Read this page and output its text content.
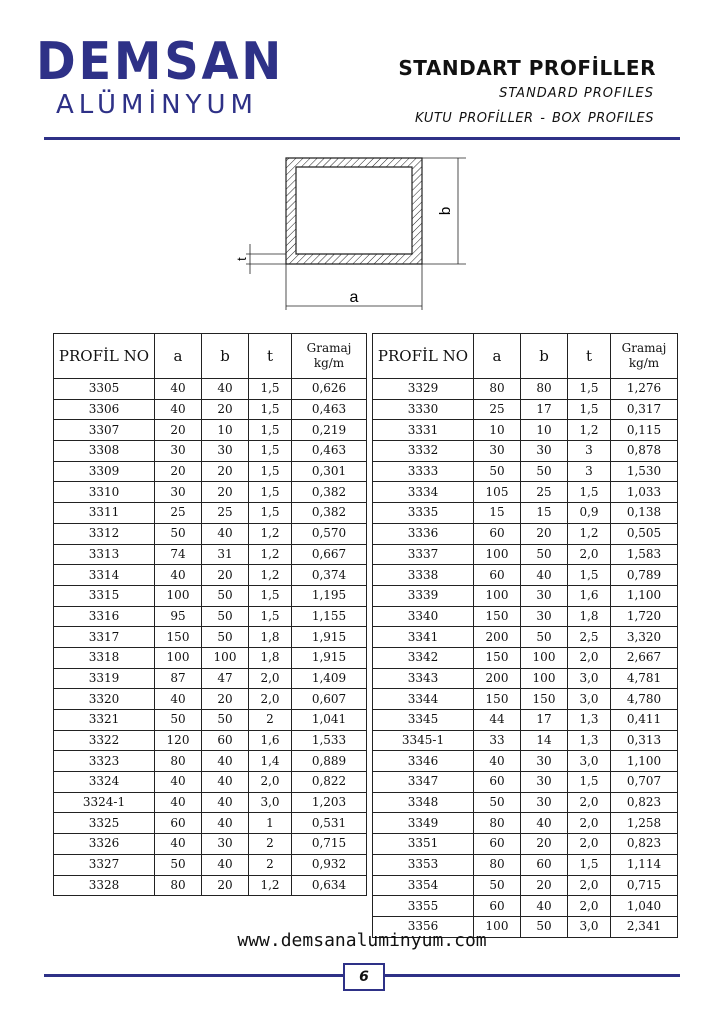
DEMSAN
ALÜMİNYUM
STANDART PROFİLLER
STANDARD PROFILES
KUTU PROFİLLER - BOX PROFILES
b
a
t
PROFİL NO	a	b	t	Gramaj
kg/m
3305	40	40	1,5	0,626
3306	40	20	1,5	0,463
3307	20	10	1,5	0,219
3308	30	30	1,5	0,463
3309	20	20	1,5	0,301
3310	30	20	1,5	0,382
3311	25	25	1,5	0,382
3312	50	40	1,2	0,570
3313	74	31	1,2	0,667
3314	40	20	1,2	0,374
3315	100	50	1,5	1,195
3316	95	50	1,5	1,155
3317	150	50	1,8	1,915
3318	100	100	1,8	1,915
3319	87	47	2,0	1,409
3320	40	20	2,0	0,607
3321	50	50	2	1,041
3322	120	60	1,6	1,533
3323	80	40	1,4	0,889
3324	40	40	2,0	0,822
3324-1	40	40	3,0	1,203
3325	60	40	1	0,531
3326	40	30	2	0,715
3327	50	40	2	0,932
3328	80	20	1,2	0,634
PROFİL NO	a	b	t	Gramaj
kg/m
3329	80	80	1,5	1,276
3330	25	17	1,5	0,317
3331	10	10	1,2	0,115
3332	30	30	3	0,878
3333	50	50	3	1,530
3334	105	25	1,5	1,033
3335	15	15	0,9	0,138
3336	60	20	1,2	0,505
3337	100	50	2,0	1,583
3338	60	40	1,5	0,789
3339	100	30	1,6	1,100
3340	150	30	1,8	1,720
3341	200	50	2,5	3,320
3342	150	100	2,0	2,667
3343	200	100	3,0	4,781
3344	150	150	3,0	4,780
3345	44	17	1,3	0,411
3345-1	33	14	1,3	0,313
3346	40	30	3,0	1,100
3347	60	30	1,5	0,707
3348	50	30	2,0	0,823
3349	80	40	2,0	1,258
3351	60	20	2,0	0,823
3353	80	60	1,5	1,114
3354	50	20	2,0	0,715
3355	60	40	2,0	1,040
3356	100	50	3,0	2,341
www.demsanaluminyum.com
6
